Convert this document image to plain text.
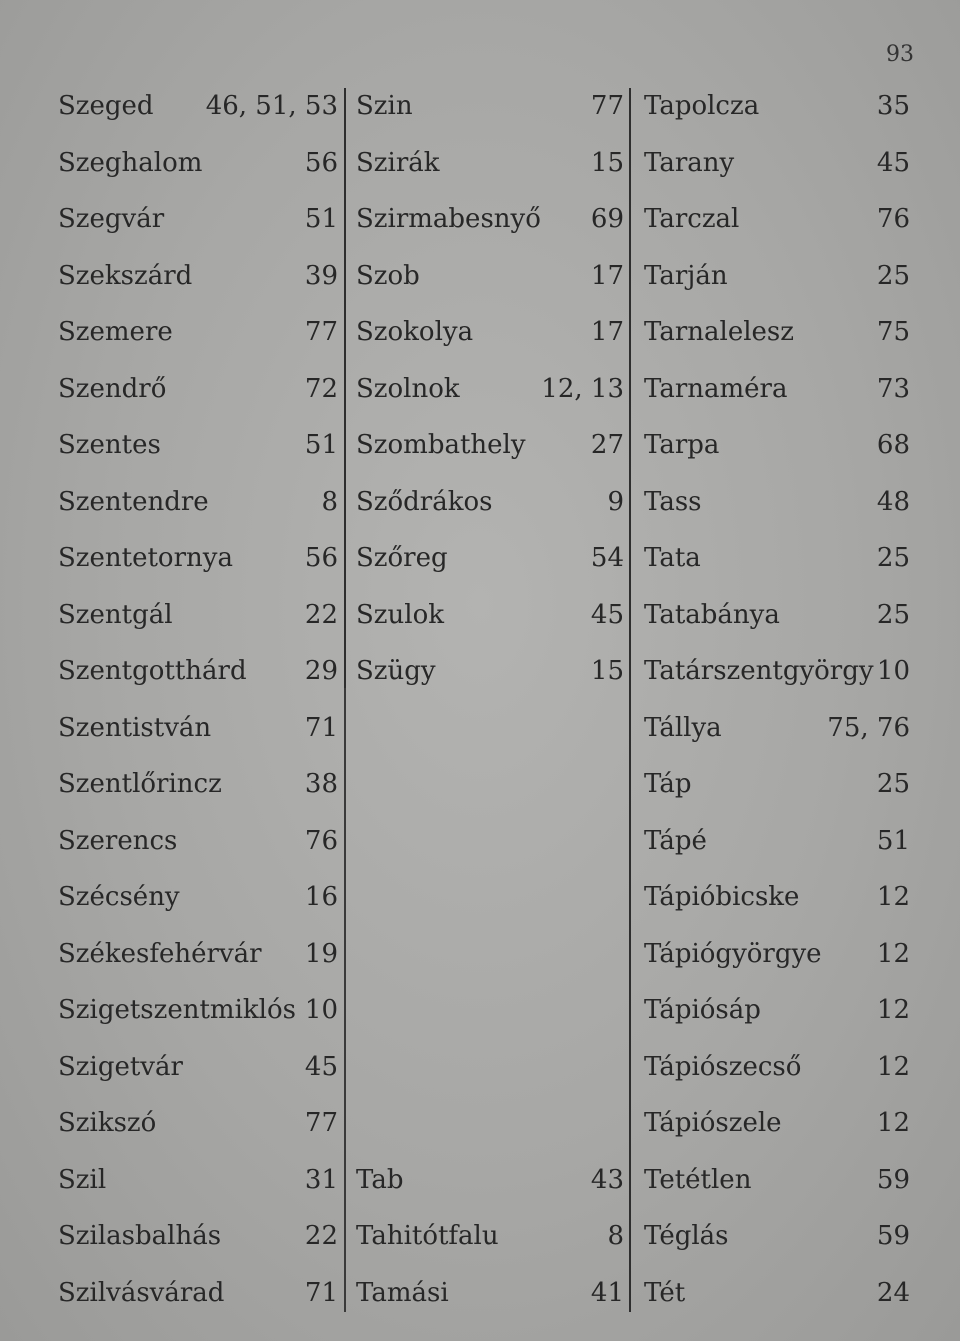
93
Szeged 46, 51, 53
Szeghalom	56
Szegvár	51
Szekszárd	39
Szemere	77
Szendrő	72
Szentes	51
Szentendre	8
Szentetornya	56
Szentgál	22
Szentgotthárd 29
Szentistván	71
Szentlőrincz	38
Szerencs	76
Szécsény	16
Székesfehérvár 19
Szigetszentmiklós 10
Szigetvár	45
Szikszó	77
Szil	31
Szilasbalhás	22
Szilvásvárad	71
Szin	77
Szirák	15
Szirmabesnyő 69
Szob	17
Szokolya	17
Szolnok	12, 13
Szombathely	27
Sződrákos	9
Szőreg	54
Szulok	45
Szügy	15
Tab	43
Tahitótfalu	8
Tamási	41
Tapolcza	35
Tarany	45
Tarczal	76
Tarján	25
Tarnalelesz	75
Tarnaméra	73
Tarpa	68
Tass	48
Tata	25
Tatabánya	25
Tatárszentgyörgy 10
Tállya	75, 76
Táp	25
Tápé	51
Tápióbicske	12
Tápiógyörgye 12
Tápiósáp	12
Tápiószecső	12
Tápiószele	12
Tetétlen	59
Téglás	59
Tét	24
